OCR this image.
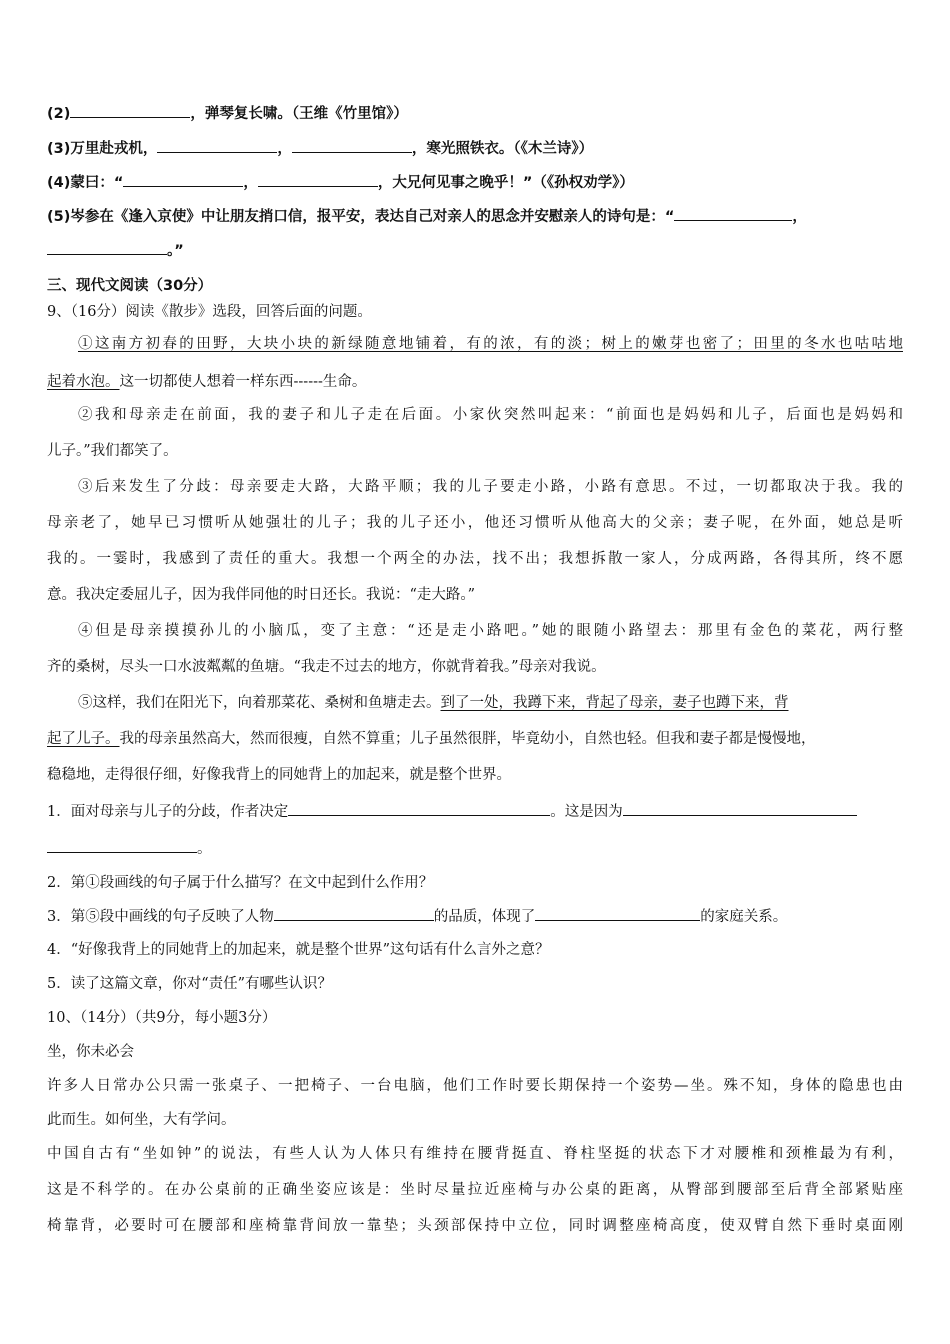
(2)	，弹琴复长啸。（王维《竹里馆》）
(3)万里赴戎机，	，	，寒光照铁衣。（《木兰诗》）
(4)蒙曰：“	，	，大兄何见事之晚乎！”（《孙权劝学》）
(5)岑参在《逢入京使》中让朋友捎口信，报平安，表达自己对亲人的思念并安慰亲人的诗句是：“	，
。”
三、现代文阅读（30分）
9、（16分）阅读《散步》选段，回答后面的问题。
①这南方初春的田野，大块小块的新绿随意地铺着，有的浓，有的淡；树上的嫩芽也密了；田里的冬水也咕咕地
起着水泡。这一切都使人想着一样东西------生命。
②我和母亲走在前面，我的妻子和儿子走在后面。小家伙突然叫起来：“前面也是妈妈和儿子，后面也是妈妈和
儿子。”我们都笑了。
③后来发生了分歧：母亲要走大路，大路平顺；我的儿子要走小路，小路有意思。不过，一切都取决于我。我的
母亲老了，她早已习惯听从她强壮的儿子；我的儿子还小，他还习惯听从他高大的父亲；妻子呢，在外面，她总是听
我的。一霎时，我感到了责任的重大。我想一个两全的办法，找不出；我想拆散一家人，分成两路，各得其所，终不愿
意。我决定委屈儿子，因为我伴同他的时日还长。我说：“走大路。”
④但是母亲摸摸孙儿的小脑瓜，变了主意：“还是走小路吧。”她的眼随小路望去：那里有金色的菜花，两行整
齐的桑树，尽头一口水波粼粼的鱼塘。“我走不过去的地方，你就背着我。”母亲对我说。
⑤这样，我们在阳光下，向着那菜花、桑树和鱼塘走去。到了一处，我蹲下来，背起了母亲，妻子也蹲下来，背
起了儿子。我的母亲虽然高大，然而很瘦，自然不算重；儿子虽然很胖，毕竟幼小，自然也轻。但我和妻子都是慢慢地，
稳稳地，走得很仔细，好像我背上的同她背上的加起来，就是整个世界。
1．面对母亲与儿子的分歧，作者决定	。这是因为
。
2．第①段画线的句子属于什么描写？在文中起到什么作用？
3．第⑤段中画线的句子反映了人物	的品质，体现了	的家庭关系。
4．“好像我背上的同她背上的加起来，就是整个世界”这句话有什么言外之意？
5．读了这篇文章，你对“责任”有哪些认识？
10、（14分）（共9分，每小题3分）
坐，你未必会
许多人日常办公只需一张桌子、一把椅子、一台电脑，他们工作时要长期保持一个姿势—坐。殊不知，身体的隐患也由
此而生。如何坐，大有学问。
中国自古有“坐如钟”的说法，有些人认为人体只有维持在腰背挺直、脊柱坚挺的状态下才对腰椎和颈椎最为有利，
这是不科学的。在办公桌前的正确坐姿应该是：坐时尽量拉近座椅与办公桌的距离，从臀部到腰部至后背全部紧贴座
椅靠背，必要时可在腰部和座椅靠背间放一靠垫；头颈部保持中立位，同时调整座椅高度，使双臂自然下垂时桌面刚
